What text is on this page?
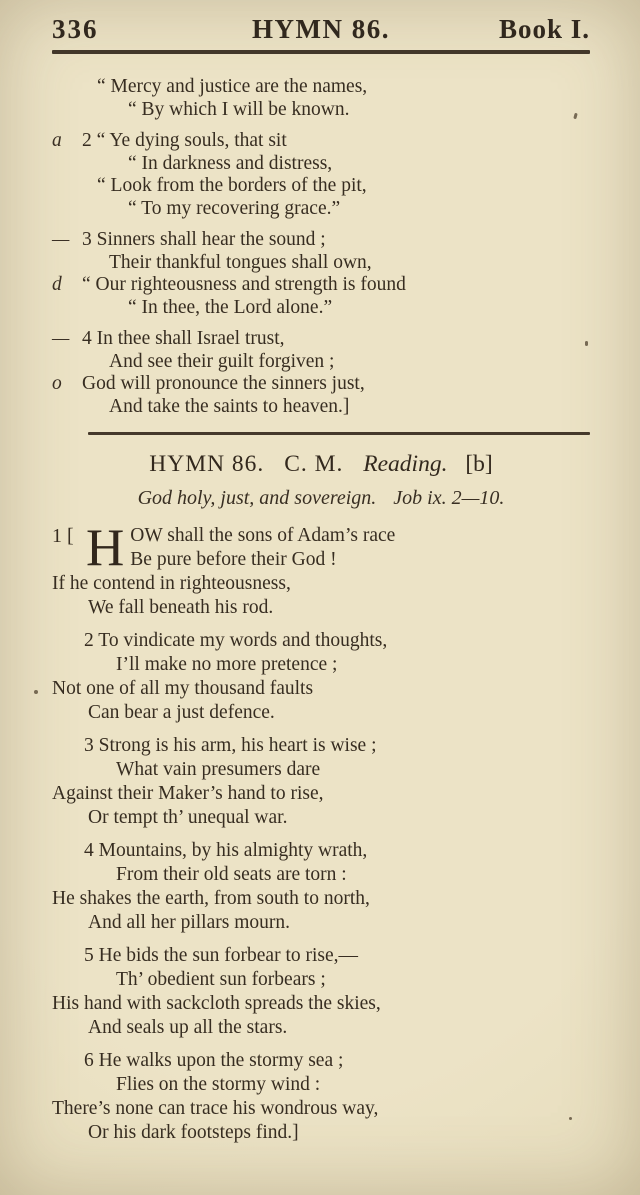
336	HYMN 86.	Book I.
“ Mercy and justice are the names,
“ By which I will be known.
a	2 “ Ye dying souls, that sit
“ In darkness and distress,
“ Look from the borders of the pit,
“ To my recovering grace.”
— 3 Sinners shall hear the sound ;
Their thankful tongues shall own,
d	“ Our righteousness and strength is found
“ In thee, the Lord alone.”
— 4 In thee shall Israel trust,
And see their guilt forgiven ;
o	God will pronounce the sinners just,
And take the saints to heaven.]
HYMN 86. C. M. Reading. [b]
God holy, just, and sovereign. Job ix. 2—10.
1 [ H OW shall the sons of Adam’s race
Be pure before their God !
If he contend in righteousness,
We fall beneath his rod.
2 To vindicate my words and thoughts,
I’ll make no more pretence ;
Not one of all my thousand faults
Can bear a just defence.
3 Strong is his arm, his heart is wise ;
What vain presumers dare
Against their Maker’s hand to rise,
Or tempt th’ unequal war.
4 Mountains, by his almighty wrath,
From their old seats are torn :
He shakes the earth, from south to north,
And all her pillars mourn.
5 He bids the sun forbear to rise,—
Th’ obedient sun forbears ;
His hand with sackcloth spreads the skies,
And seals up all the stars.
6 He walks upon the stormy sea ;
Flies on the stormy wind :
There’s none can trace his wondrous way,
Or his dark footsteps find.]
